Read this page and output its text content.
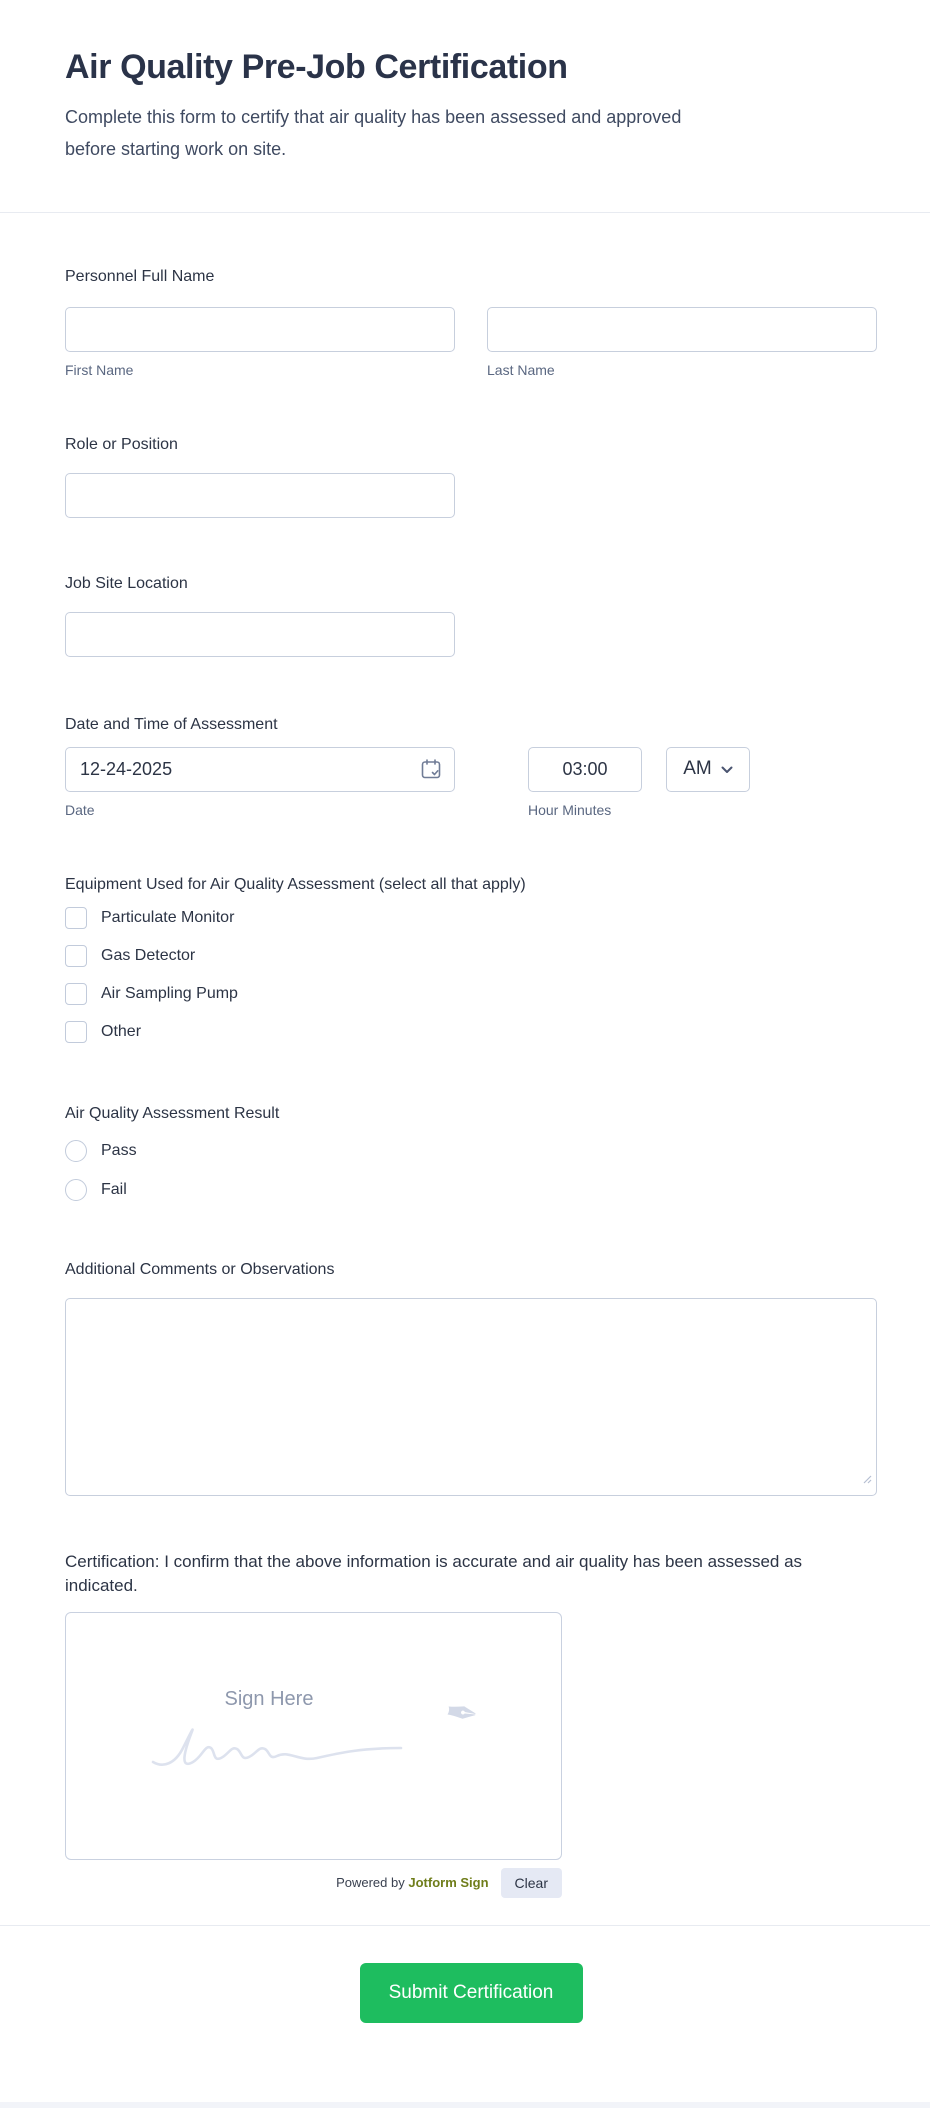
Air Quality Pre-Job Certification

Complete this form to certify that air quality has been assessed and approved before starting work on site.

Personnel Full Name
First Name	Last Name
Role or Position
Job Site Location
Date and Time of Assessment
12-24-2025
Date
03:00	Hour Minutes
AM
Equipment Used for Air Quality Assessment (select all that apply)
Particulate Monitor
Gas Detector
Air Sampling Pump
Other
Air Quality Assessment Result
Pass
Fail
Additional Comments or Observations
Certification: I confirm that the above information is accurate and air quality has been assessed as indicated.
Sign Here	✒
Powered by Jotform Sign	Clear
Submit Certification
